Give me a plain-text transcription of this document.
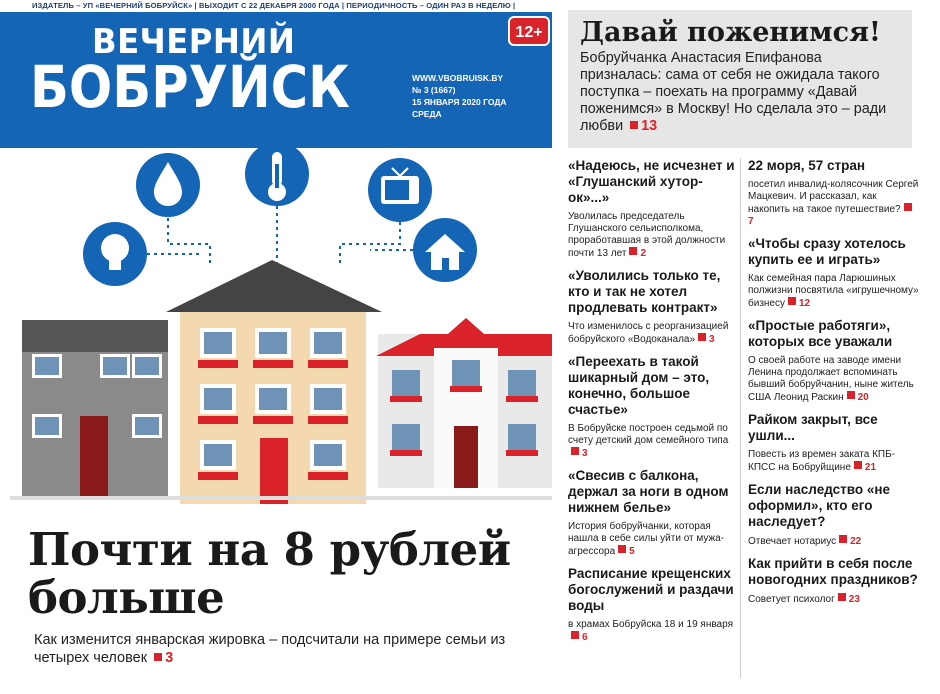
ИЗДАТЕЛЬ – УП «ВЕЧЕРНИЙ БОБРУЙСК» | ВЫХОДИТ С 22 ДЕКАБРЯ 2000 ГОДА | ПЕРИОДИЧНОСТЬ – ОДИН РАЗ В НЕДЕЛЮ |
ВЕЧЕРНИЙ
БОБРУЙСК	WWW.VBOBRUISK.BY
№ 3 (1667)
15 ЯНВАРЯ 2020 ГОДА
СРЕДА
12+
Почти на 8 рублей больше
Как изменится январская жировка – подсчитали на примере семьи из четырех человек 3
Давай поженимся!
Бобруйчанка Анастасия Епифанова призналась: сама от себя не ожидала такого поступка – поехать на программу «Давай поженимся» в Москву! Но сделала это – ради любви 13
«Надеюсь, не исчезнет и «Глушанский хутор-ок»...»

Уволилась председатель Глушанского сельисполкома, проработавшая в этой должности почти 13 лет 2

«Уволились только те, кто и так не хотел продлевать контракт»

Что изменилось с реорганизацией бобруйского «Водоканала» 3

«Переехать в такой шикарный дом – это, конечно, большое счастье»

В Бобруйске построен седьмой по счету детский дом семейного типа3

«Свесив с балкона, держал за ноги в одном нижнем белье»

История бобруйчанки, которая нашла в себе силы уйти от мужа-агрессора 5

Расписание крещенских богослужений и раздачи воды

в храмах Бобруйска 18 и 19 января6

22 моря, 57 стран

посетил инвалид-колясочник Сергей Мацкевич. И рассказал, как накопить на такое путешествие?7

«Чтобы сразу хотелось купить ее и играть»

Как семейная пара Ларюшиных полжизни посвятила «игрушечному» бизнесу 12

«Простые работяги», которых все уважали

О своей работе на заводе имени Ленина продолжает вспоминать бывший бобруйчанин, ныне житель США Леонид Раскин 20

Райком закрыт, все ушли...

Повесть из времен заката КПБ-КПСС на Бобруйщине 21

Если наследство «не оформил», кто его наследует?

Отвечает нотариус 22

Как прийти в себя после новогодних праздников?

Советует психолог 23
